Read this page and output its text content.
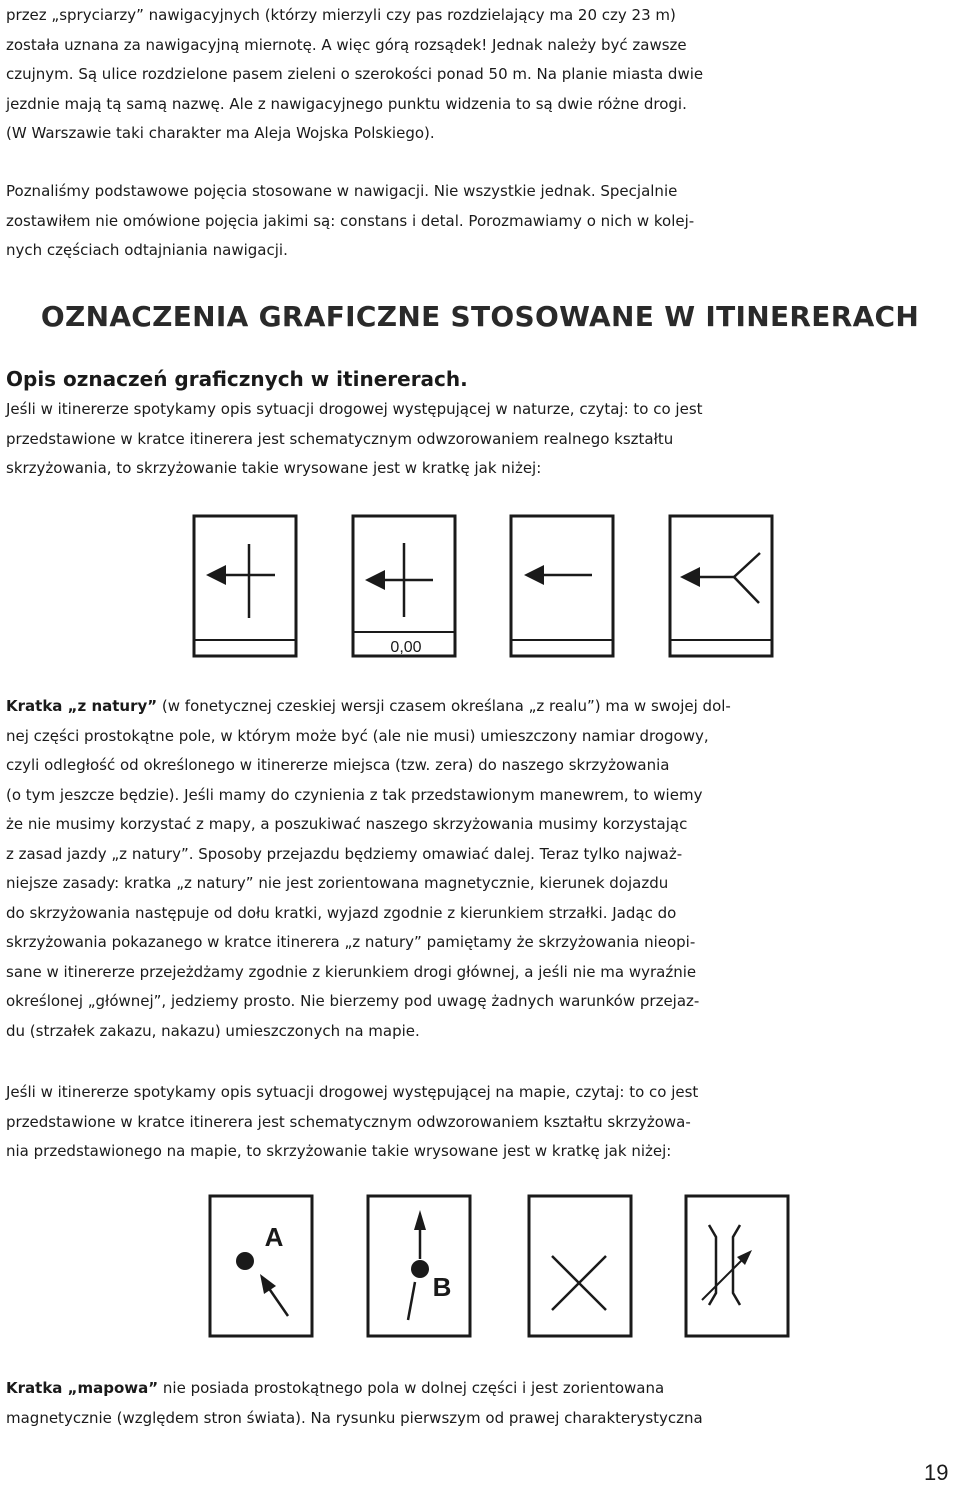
przez „spryciarzy” nawigacyjnych (którzy mierzyli czy pas rozdzielający ma 20 czy 23 m)
została uznana za nawigacyjną miernotę. A więc górą rozsądek! Jednak należy być zawsze
czujnym. Są ulice rozdzielone pasem zieleni o szerokości ponad 50 m. Na planie miasta dwie
jezdnie mają tą samą nazwę. Ale z nawigacyjnego punktu widzenia to są dwie różne drogi.
(W Warszawie taki charakter ma Aleja Wojska Polskiego).
Poznaliśmy podstawowe pojęcia stosowane w nawigacji. Nie wszystkie jednak. Specjalnie
zostawiłem nie omówione pojęcia jakimi są: constans i detal. Porozmawiamy o nich w kolej-
nych częściach odtajniania nawigacji.
OZNACZENIA GRAFICZNE STOSOWANE W ITINERERACH
Opis oznaczeń graficznych w itinererach.
Jeśli w itinererze spotykamy opis sytuacji drogowej występującej w naturze, czytaj: to co jest
przedstawione w kratce itinerera jest schematycznym odwzorowaniem realnego kształtu
skrzyżowania, to skrzyżowanie takie wrysowane jest w kratkę jak niżej:
0,00
Kratka „z natury” (w fonetycznej czeskiej wersji czasem określana „z realu”) ma w swojej dol-
nej części prostokątne pole, w którym może być (ale nie musi) umieszczony namiar drogowy,
czyli odległość od określonego w itinererze miejsca (tzw. zera) do naszego skrzyżowania
(o tym jeszcze będzie). Jeśli mamy do czynienia z tak przedstawionym manewrem, to wiemy
że nie musimy korzystać z mapy, a poszukiwać naszego skrzyżowania musimy korzystając
z zasad jazdy „z natury”. Sposoby przejazdu będziemy omawiać dalej. Teraz tylko najważ-
niejsze zasady: kratka „z natury” nie jest zorientowana magnetycznie, kierunek dojazdu
do skrzyżowania następuje od dołu kratki, wyjazd zgodnie z kierunkiem strzałki. Jadąc do
skrzyżowania pokazanego w kratce itinerera „z natury” pamiętamy że skrzyżowania nieopi-
sane w itinererze przejeżdżamy zgodnie z kierunkiem drogi głównej, a jeśli nie ma wyraźnie
określonej „głównej”, jedziemy prosto. Nie bierzemy pod uwagę żadnych warunków przejaz-
du (strzałek zakazu, nakazu) umieszczonych na mapie.
Jeśli w itinererze spotykamy opis sytuacji drogowej występującej na mapie, czytaj: to co jest
przedstawione w kratce itinerera jest schematycznym odwzorowaniem kształtu skrzyżowa-
nia przedstawionego na mapie, to skrzyżowanie takie wrysowane jest w kratkę jak niżej:
A
B
Kratka „mapowa” nie posiada prostokątnego pola w dolnej części i jest zorientowana
magnetycznie (względem stron świata). Na rysunku pierwszym od prawej charakterystyczna
19
